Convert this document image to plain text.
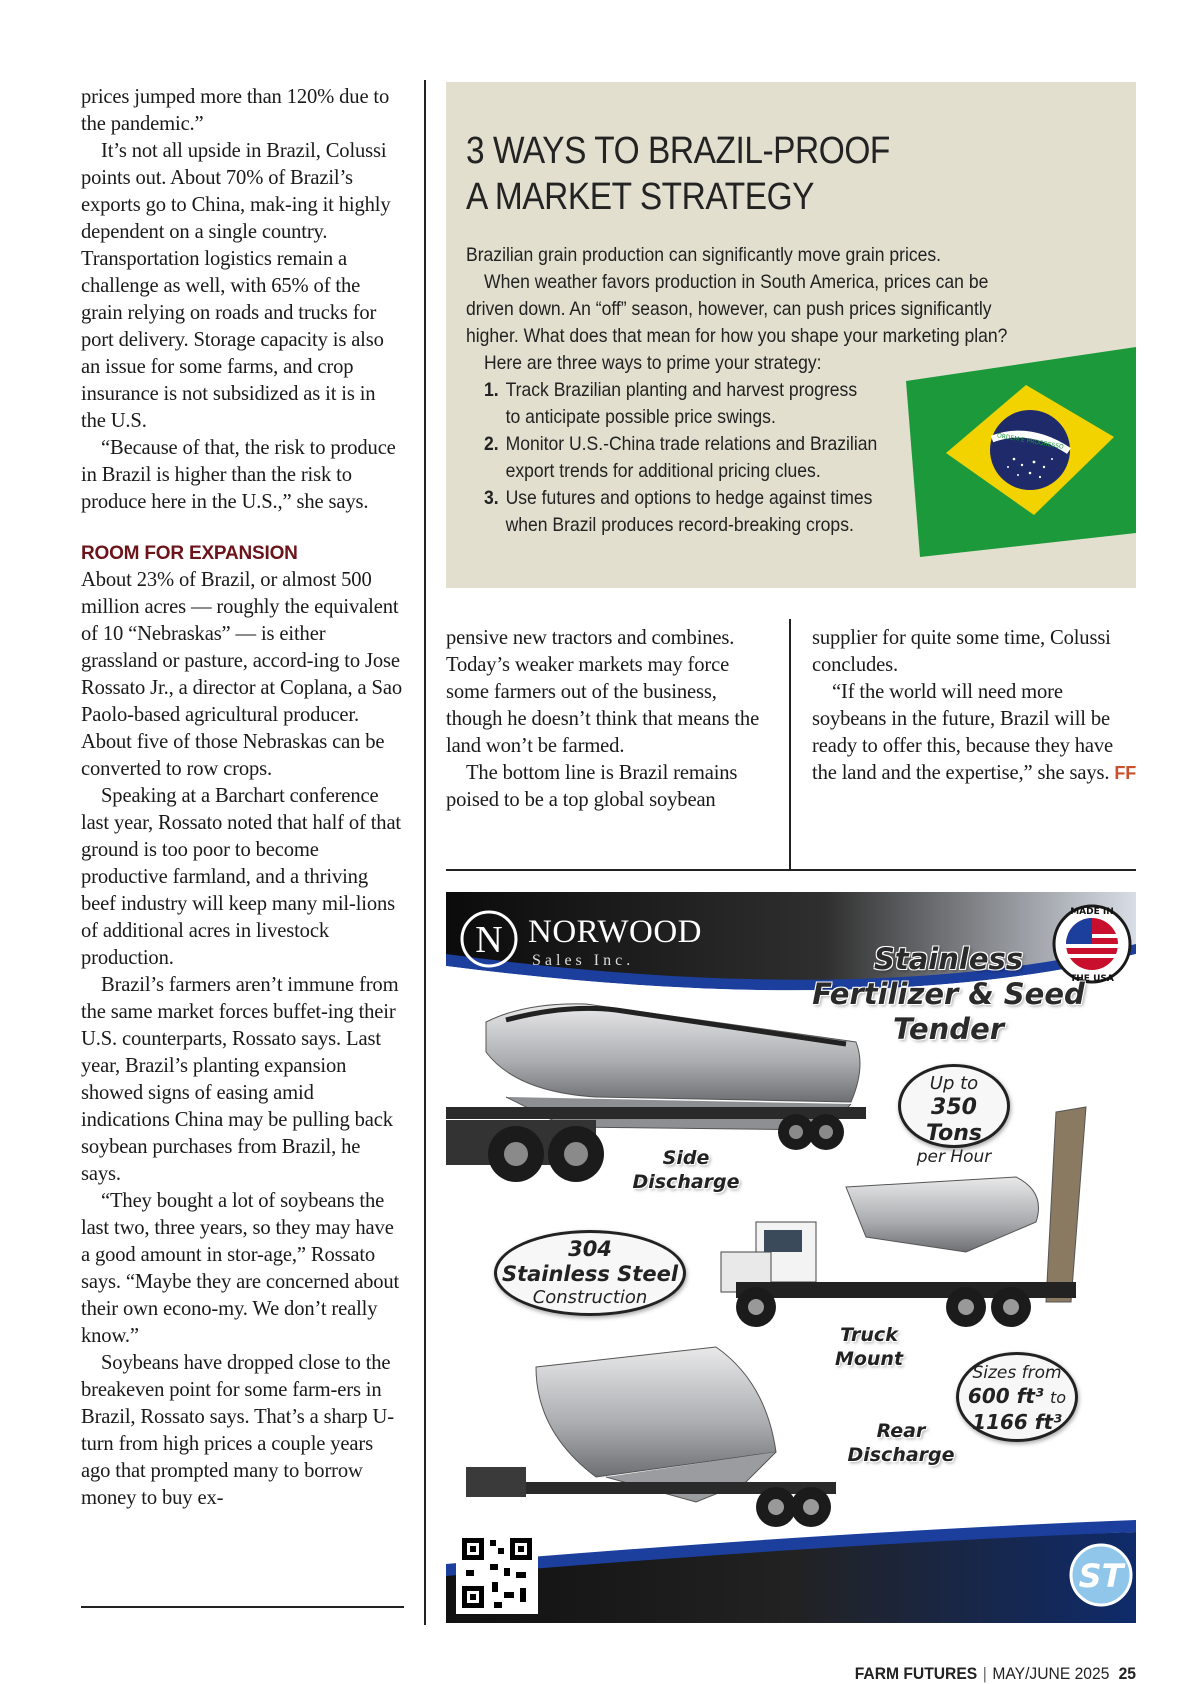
prices jumped more than 120% due to the pandemic.”

It’s not all upside in Brazil, Colussi points out. About 70% of Brazil’s exports go to China, mak-ing it highly dependent on a single country. Transportation logistics remain a challenge as well, with 65% of the grain relying on roads and trucks for port delivery. Storage capacity is also an issue for some farms, and crop insurance is not subsidized as it is in the U.S.

“Because of that, the risk to produce in Brazil is higher than the risk to produce here in the U.S.,” she says.

ROOM FOR EXPANSION

About 23% of Brazil, or almost 500 million acres — roughly the equivalent of 10 “Nebraskas” — is either grassland or pasture, accord-ing to Jose Rossato Jr., a director at Coplana, a Sao Paolo-based agricultural producer. About five of those Nebraskas can be converted to row crops.

Speaking at a Barchart conference last year, Rossato noted that half of that ground is too poor to become productive farmland, and a thriving beef industry will keep many mil-lions of additional acres in livestock production.

Brazil’s farmers aren’t immune from the same market forces buffet-ing their U.S. counterparts, Rossato says. Last year, Brazil’s planting expansion showed signs of easing amid indications China may be pulling back soybean purchases from Brazil, he says.

“They bought a lot of soybeans the last two, three years, so they may have a good amount in stor-age,” Rossato says. “Maybe they are concerned about their own econo-my. We don’t really know.”

Soybeans have dropped close to the breakeven point for some farm-ers in Brazil, Rossato says. That’s a sharp U-turn from high prices a couple years ago that prompted many to borrow money to buy ex-

3 WAYS TO BRAZIL-PROOF
A MARKET STRATEGY

Brazilian grain production can significantly move grain prices.

When weather favors production in South America, prices can be driven down. An “off” season, however, can push prices significantly higher. What does that mean for how you shape your marketing plan?

Here are three ways to prime your strategy:

1. Track Brazilian planting and harvest progress
to anticipate possible price swings.
2. Monitor U.S.-China trade relations and Brazilian
export trends for additional pricing clues.
3. Use futures and options to hedge against times
when Brazil produces record-breaking crops.
ORDEM E PROGRESSO

pensive new tractors and combines. Today’s weaker markets may force some farmers out of the business, though he doesn’t think that means the land won’t be farmed.

The bottom line is Brazil remains poised to be a top global soybean

supplier for quite some time, Colussi concludes.

“If the world will need more soybeans in the future, Brazil will be ready to offer this, because they have the land and the expertise,” she says. FF

ST
MADE IN
THE USA
N NORWOOD
Sales Inc.	Stainless
Fertilizer & Seed
Tender
Up to
350 Tons
per Hour
Side
Discharge
304
Stainless Steel
Construction
Truck
Mount
Sizes from
600 ft³ to
1166 ft³
Rear
Discharge
FARM FUTURES | MAY/JUNE 2025 25
